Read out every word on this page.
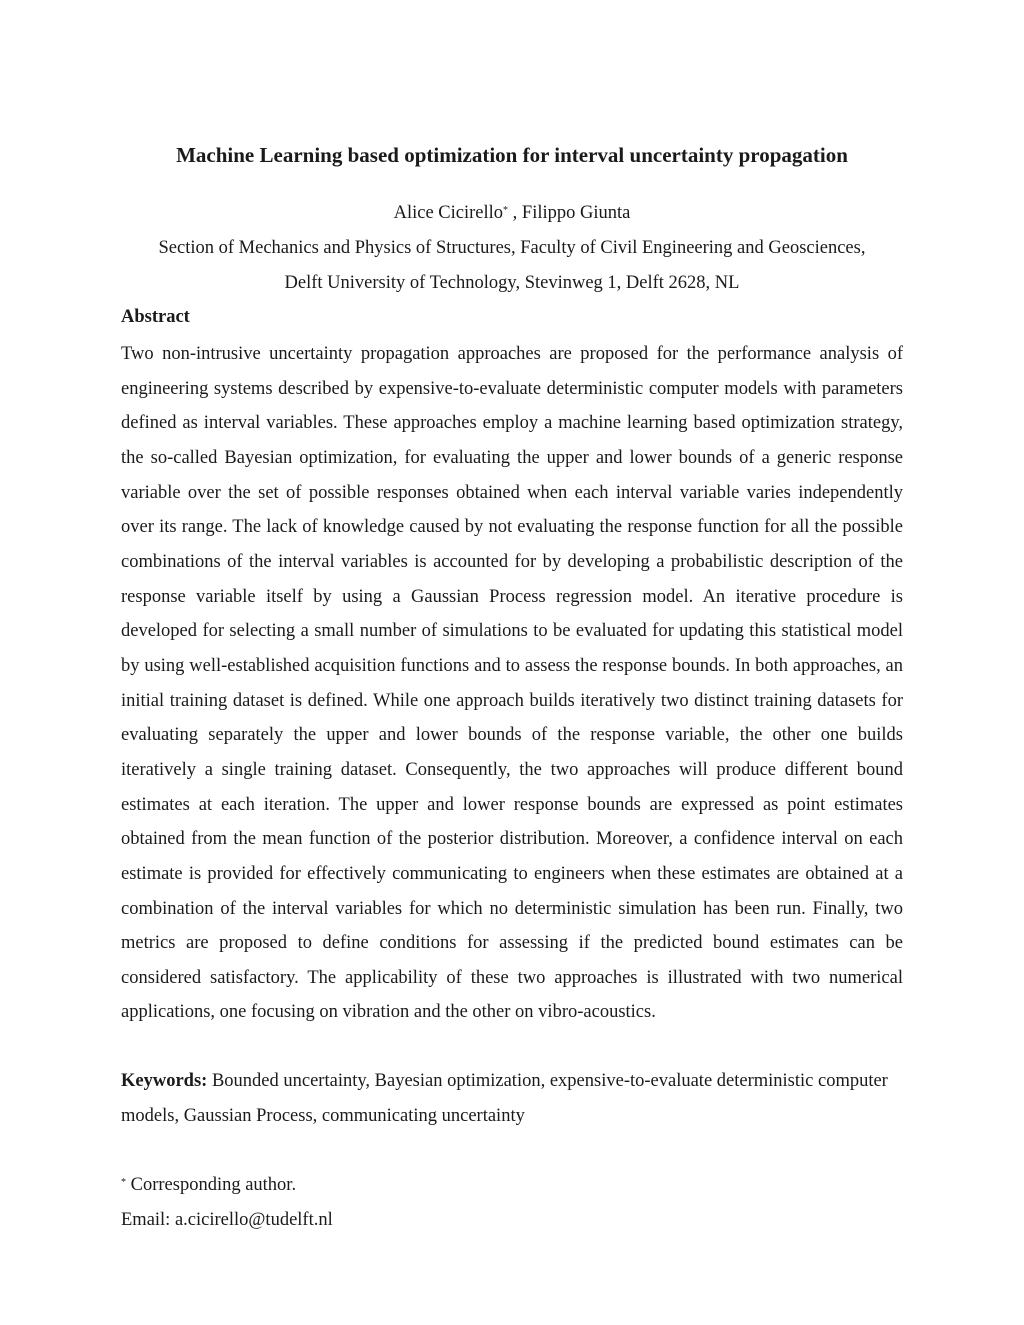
Machine Learning based optimization for interval uncertainty propagation
Alice Cicirello* , Filippo Giunta
Section of Mechanics and Physics of Structures, Faculty of Civil Engineering and Geosciences,
Delft University of Technology, Stevinweg 1, Delft 2628, NL
Abstract

Two non-intrusive uncertainty propagation approaches are proposed for the performance analysis of engineering systems described by expensive-to-evaluate deterministic computer models with parameters defined as interval variables. These approaches employ a machine learning based optimization strategy, the so-called Bayesian optimization, for evaluating the upper and lower bounds of a generic response variable over the set of possible responses obtained when each interval variable varies independently over its range. The lack of knowledge caused by not evaluating the response function for all the possible combinations of the interval variables is accounted for by developing a probabilistic description of the response variable itself by using a Gaussian Process regression model. An iterative procedure is developed for selecting a small number of simulations to be evaluated for updating this statistical model by using well-established acquisition functions and to assess the response bounds. In both approaches, an initial training dataset is defined. While one approach builds iteratively two distinct training datasets for evaluating separately the upper and lower bounds of the response variable, the other one builds iteratively a single training dataset. Consequently, the two approaches will produce different bound estimates at each iteration. The upper and lower response bounds are expressed as point estimates obtained from the mean function of the posterior distribution. Moreover, a confidence interval on each estimate is provided for effectively communicating to engineers when these estimates are obtained at a combination of the interval variables for which no deterministic simulation has been run. Finally, two metrics are proposed to define conditions for assessing if the predicted bound estimates can be considered satisfactory. The applicability of these two approaches is illustrated with two numerical applications, one focusing on vibration and the other on vibro-acoustics.

Keywords: Bounded uncertainty, Bayesian optimization, expensive-to-evaluate deterministic computer models, Gaussian Process, communicating uncertainty

* Corresponding author.
Email: a.cicirello@tudelft.nl
